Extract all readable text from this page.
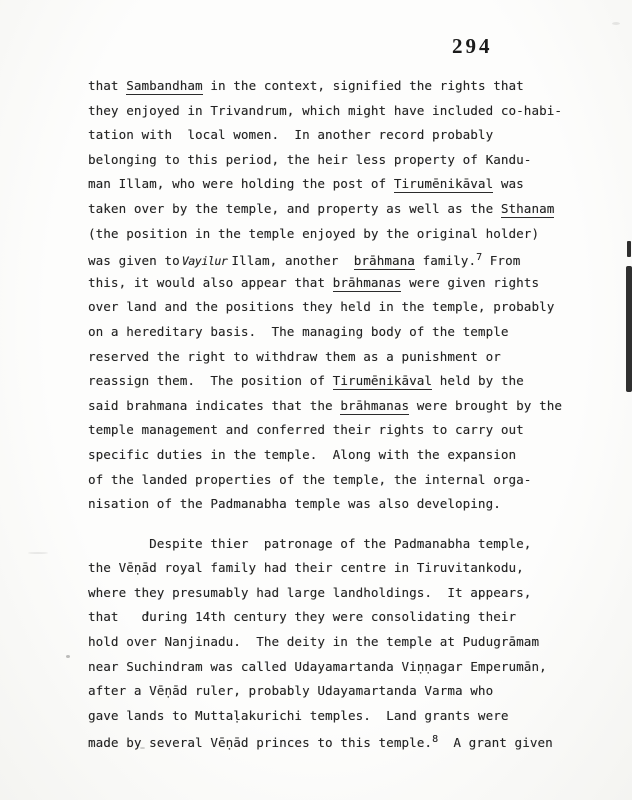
294
that Sambandham in the context, signified the rights that
they enjoyed in Trivandrum, which might have included co-habi-
tation with  local women.  In another record probably
belonging to this period, the heir less property of Kandu-
man Illam, who were holding the post of Tirumēnikāval was
taken over by the temple, and property as well as the Sthanam
(the position in the temple enjoyed by the original holder)
was given to Vayilur Illam, another  brāhmana family.$^7$ From
this, it would also appear that brāhmanas were given rights
over land and the positions they held in the temple, probably
on a hereditary basis.  The managing body of the temple
reserved the right to withdraw them as a punishment or
reassign them.  The position of Tirumēnikāval held by the
said brahmana indicates that the brāhmanas were brought by the
temple management and conferred their rights to carry out
specific duties in the temple.  Along with the expansion
of the landed properties of the temple, the internal orga-
nisation of the Padmanabha temple was also developing.
Despite thier  patronage of the Padmanabha temple,
the Vēṇād royal family had their centre in Tiruvitankodu,
where they presumably had large landholdings.  It appears,
that   during 14th century they were consolidating their
hold over Nanjinadu.  The deity in the temple at Pudugrāmam
near Suchindram was called Udayamartanda Viṇṇagar Emperumān,
after a Vēṇād ruler, probably Udayamartanda Varma who
gave lands to Muttaḷakurichi temples.  Land grants were
made by several Vēṇād princes to this temple.$^8$  A grant given
